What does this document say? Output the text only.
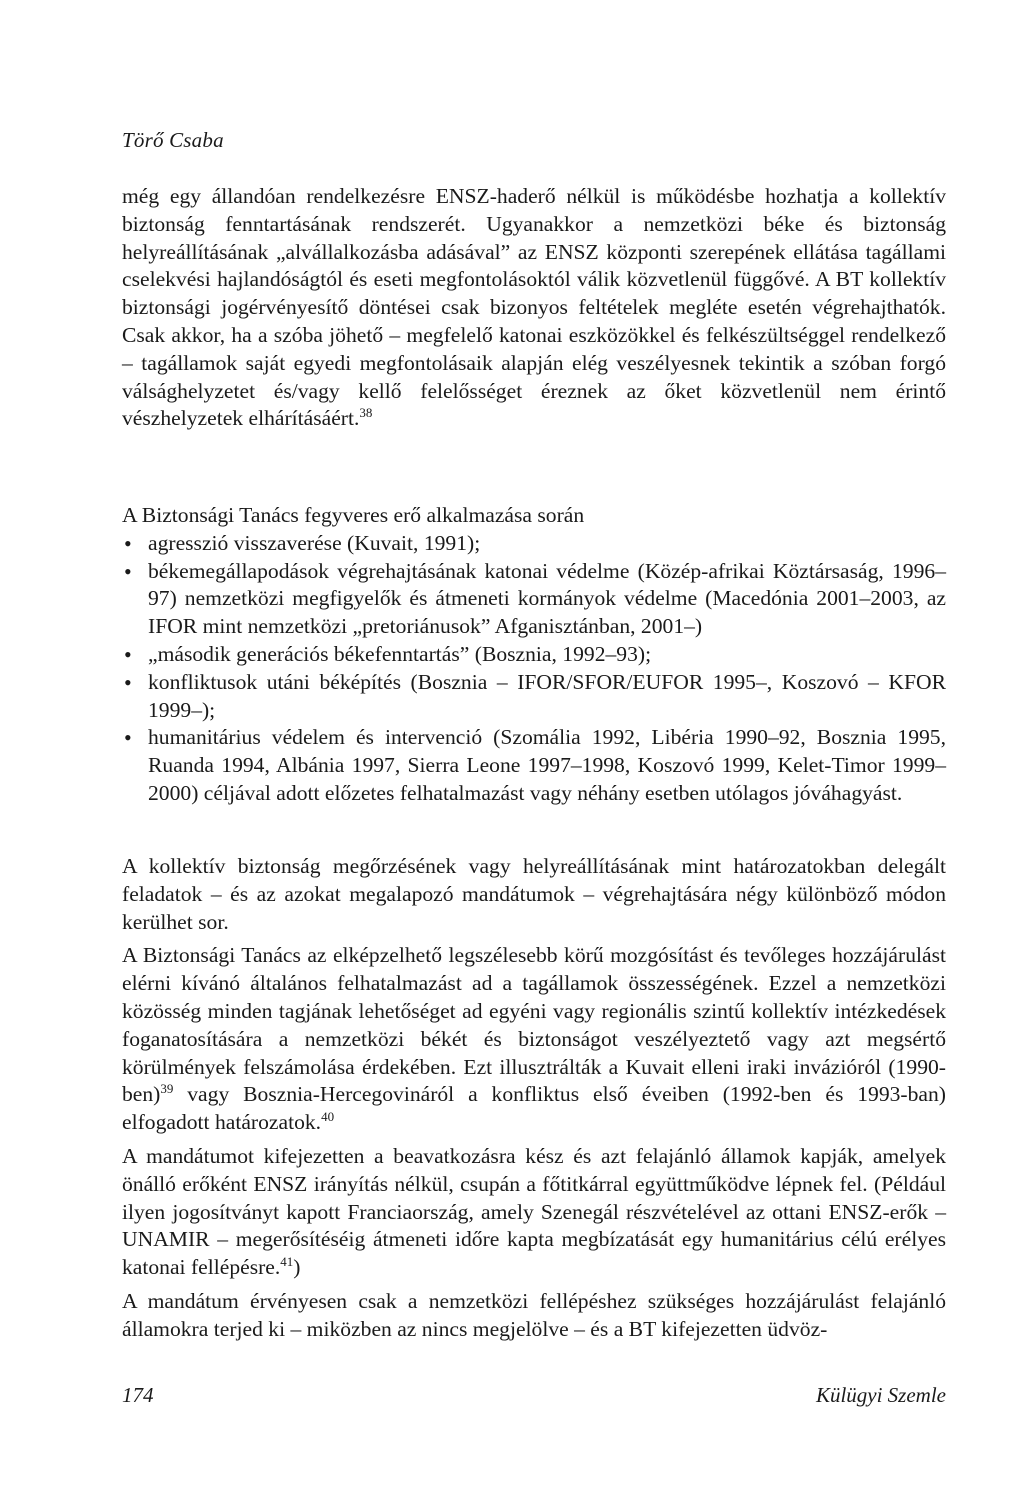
Törő Csaba

még egy állandóan rendelkezésre ENSZ-haderő nélkül is működésbe hozhatja a kollektív biztonság fenntartásának rendszerét. Ugyanakkor a nemzetközi béke és biztonság helyreállításának „alvállalkozásba adásával” az ENSZ központi szerepének ellátása tagállami cselekvési hajlandóságtól és eseti megfontolásoktól válik közvetlenül függővé. A BT kollektív biztonsági jogérvényesítő döntései csak bizonyos feltételek megléte esetén végrehajthatók. Csak akkor, ha a szóba jöhető – megfelelő katonai eszközökkel és felkészültséggel rendelkező – tagállamok saját egyedi megfontolásaik alapján elég veszélyesnek tekintik a szóban forgó válsághelyzetet és/vagy kellő felelősséget éreznek az őket közvetlenül nem érintő vészhelyzetek elhárításáért.$^{38}$

A Biztonsági Tanács fegyveres erő alkalmazása során

• agresszió visszaverése (Kuvait, 1991);
• békemegállapodások végrehajtásának katonai védelme (Közép-afrikai Köztársaság, 1996–97) nemzetközi megfigyelők és átmeneti kormányok védelme (Macedónia 2001–2003, az IFOR mint nemzetközi „pretoriánusok” Afganisztánban, 2001–)
• „második generációs békefenntartás” (Bosznia, 1992–93);
• konfliktusok utáni béképítés (Bosznia – IFOR/SFOR/EUFOR 1995–, Koszovó – KFOR 1999–);
• humanitárius védelem és intervenció (Szomália 1992, Libéria 1990–92, Bosznia 1995, Ruanda 1994, Albánia 1997, Sierra Leone 1997–1998, Koszovó 1999, Kelet-Timor 1999–2000) céljával adott előzetes felhatalmazást vagy néhány esetben utólagos jóváhagyást.

A kollektív biztonság megőrzésének vagy helyreállításának mint határozatokban delegált feladatok – és az azokat megalapozó mandátumok – végrehajtására négy különböző módon kerülhet sor.

A Biztonsági Tanács az elképzelhető legszélesebb körű mozgósítást és tevőleges hozzájárulást elérni kívánó általános felhatalmazást ad a tagállamok összességének. Ezzel a nemzetközi közösség minden tagjának lehetőséget ad egyéni vagy regionális szintű kollektív intézkedések foganatosítására a nemzetközi békét és biztonságot veszélyeztető vagy azt megsértő körülmények felszámolása érdekében. Ezt illusztrálták a Kuvait elleni iraki invázióról $(1990-ben)^{39}$ vagy Bosznia-Hercegovináról a konfliktus első éveiben (1992-ben és 1993-ban) elfogadott határozatok.$^{40}$

A mandátumot kifejezetten a beavatkozásra kész és azt felajánló államok kapják, amelyek önálló erőként ENSZ irányítás nélkül, csupán a főtitkárral együttműködve lépnek fel. (Például ilyen jogosítványt kapott Franciaország, amely Szenegál részvételével az ottani ENSZ-erők – UNAMIR – megerősítéséig átmeneti időre kapta megbízatását egy humanitárius célú erélyes katonai fellépésre.$^{41}$)

A mandátum érvényesen csak a nemzetközi fellépéshez szükséges hozzájárulást felajánló államokra terjed ki – miközben az nincs megjelölve – és a BT kifejezetten üdvöz-

174	Külügyi Szemle
